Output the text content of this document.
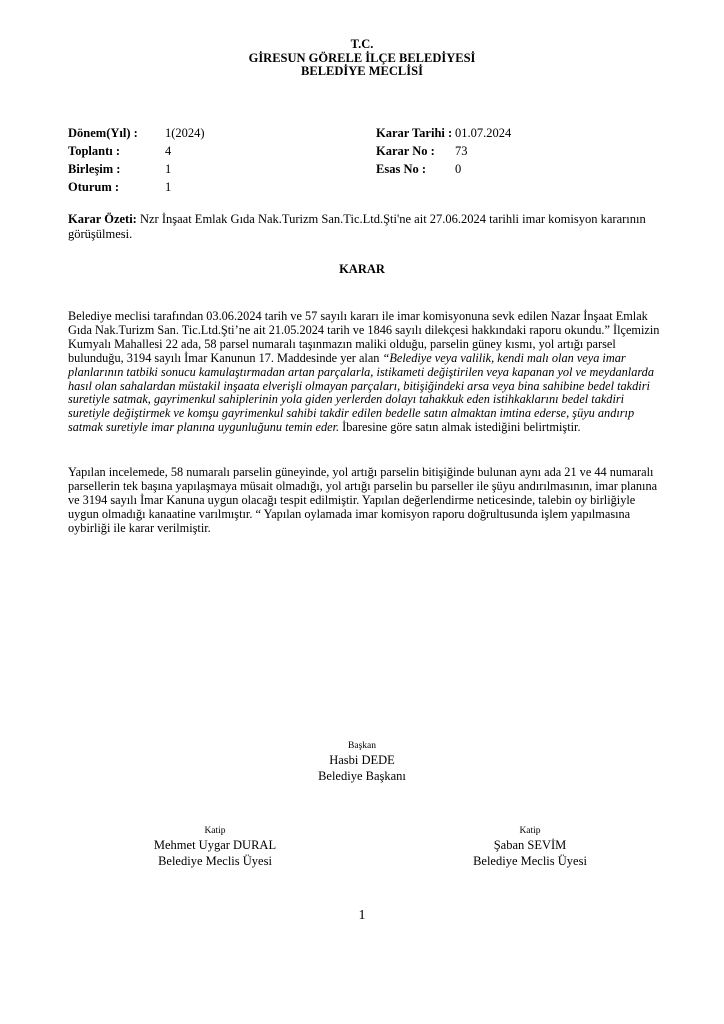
T.C.
GİRESUN GÖRELE İLÇE BELEDİYESİ
BELEDİYE MECLİSİ
Dönem(Yıl) :	1(2024)
Toplantı :	4
Birleşim :	1
Oturum :	1
Karar Tarihi : 01.07.2024
Karar No :	73
Esas No :	0
Karar Özeti: Nzr İnşaat Emlak Gıda Nak.Turizm San.Tic.Ltd.Şti'ne ait 27.06.2024 tarihli imar komisyon kararının görüşülmesi.
KARAR
Belediye meclisi tarafından 03.06.2024 tarih ve 57 sayılı kararı ile imar komisyonuna sevk edilen Nazar İnşaat Emlak Gıda Nak.Turizm San. Tic.Ltd.Şti’ne ait 21.05.2024 tarih ve 1846 sayılı dilekçesi hakkındaki raporu okundu.” İlçemizin Kumyalı Mahallesi 22 ada, 58 parsel numaralı taşınmazın maliki olduğu, parselin güney kısmı, yol artığı parsel bulunduğu, 3194 sayılı İmar Kanunun 17. Maddesinde yer alan “Belediye veya valilik, kendi malı olan veya imar planlarının tatbiki sonucu kamulaştırmadan artan parçalarla, istikameti değiştirilen veya kapanan yol ve meydanlarda hasıl olan sahalardan müstakil inşaata elverişli olmayan parçaları, bitişiğindeki arsa veya bina sahibine bedel takdiri suretiyle satmak, gayrimenkul sahiplerinin yola giden yerlerden dolayı tahakkuk eden istihkaklarını bedel takdiri suretiyle değiştirmek ve komşu gayrimenkul sahibi takdir edilen bedelle satın almaktan imtina ederse, şüyu andırıp satmak suretiyle imar planına uygunluğunu temin eder. İbaresine göre satın almak istediğini belirtmiştir.
Yapılan incelemede, 58 numaralı parselin güneyinde, yol artığı parselin bitişiğinde bulunan aynı ada 21 ve 44 numaralı parsellerin tek başına yapılaşmaya müsait olmadığı, yol artığı parselin bu parseller ile şüyu andırılmasının, imar planına ve 3194 sayılı İmar Kanuna uygun olacağı tespit edilmiştir. Yapılan değerlendirme neticesinde, talebin oy birliğiyle uygun olmadığı kanaatine varılmıştır. “ Yapılan oylamada imar komisyon raporu doğrultusunda işlem yapılmasına oybirliği ile karar verilmiştir.
Başkan
Hasbi DEDE
Belediye Başkanı
Katip
Mehmet Uygar DURAL
Belediye Meclis Üyesi
Katip
Şaban SEVİM
Belediye Meclis Üyesi
1
